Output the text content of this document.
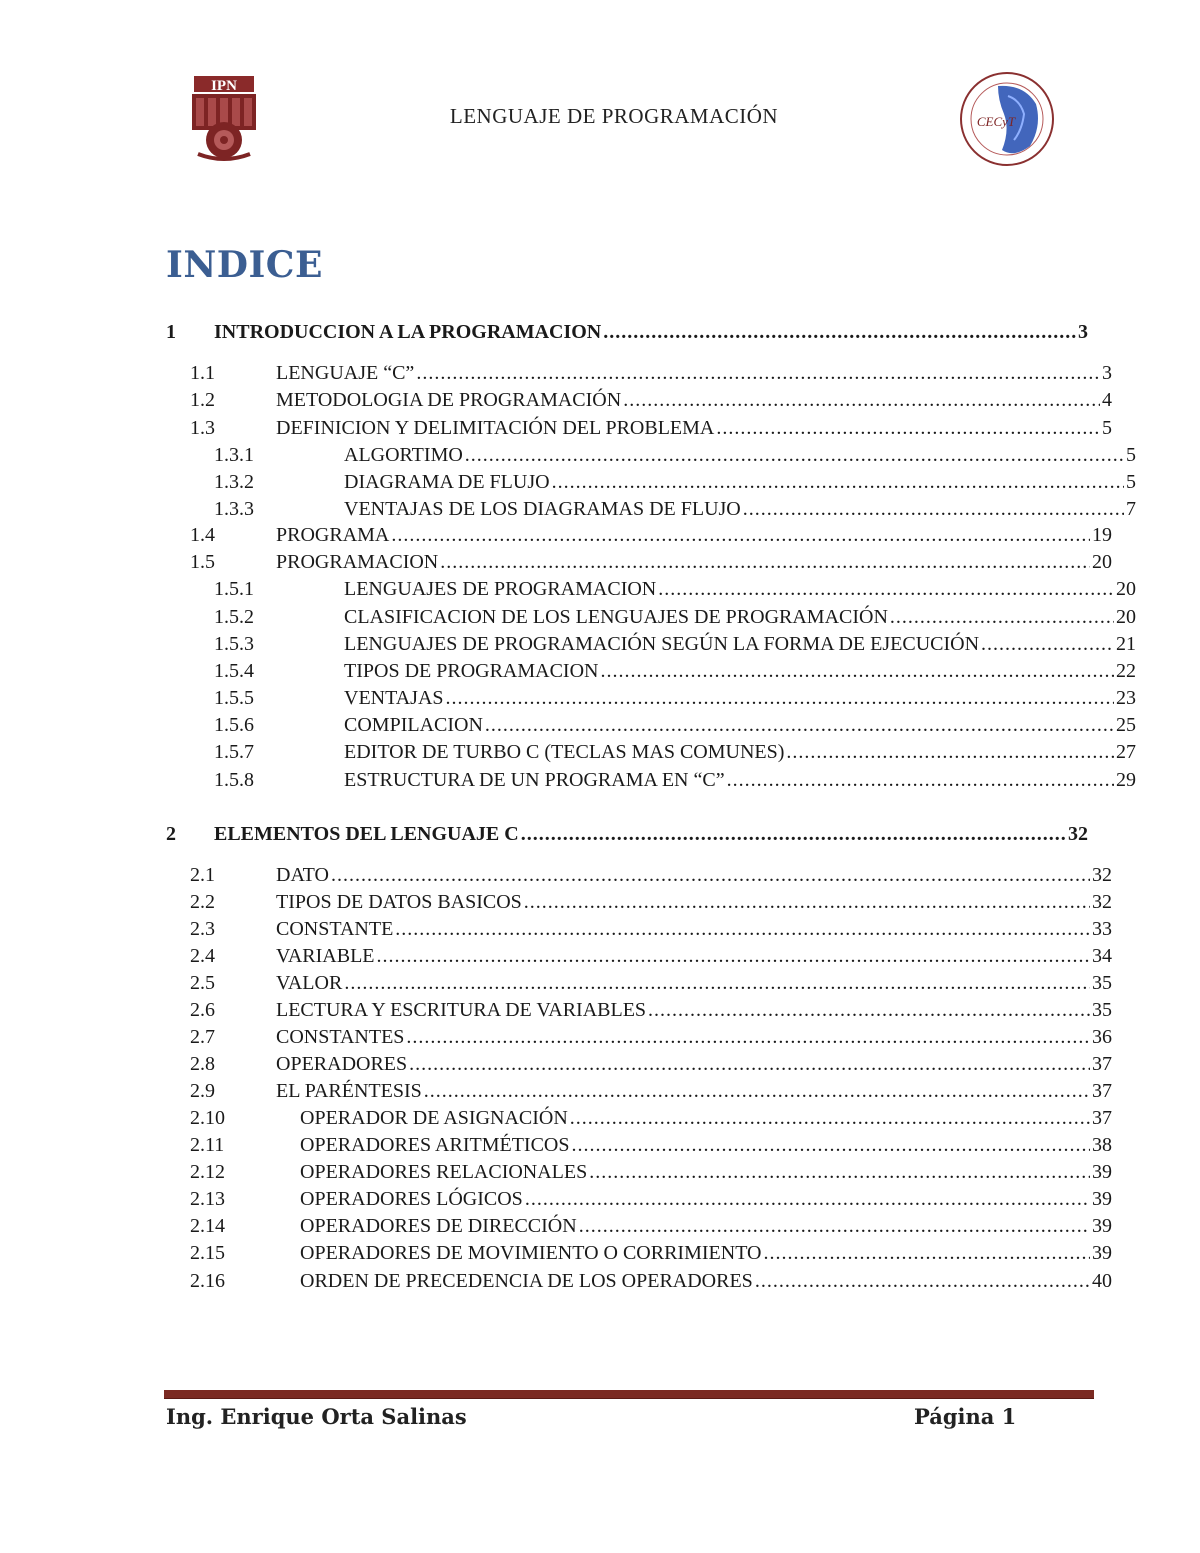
IPN
LENGUAJE DE PROGRAMACIÓN	CECyT
INDICE
1	INTRODUCCION A LA PROGRAMACION .....	3
1.1	LENGUAJE “C” .....	3
1.2	METODOLOGIA DE PROGRAMACIÓN .....	4
1.3	DEFINICION Y DELIMITACIÓN DEL PROBLEMA .....	5
1.3.1	ALGORTIMO .....	5
1.3.2	DIAGRAMA DE FLUJO .....	5
1.3.3	VENTAJAS DE LOS DIAGRAMAS DE FLUJO .....	7
1.4	PROGRAMA .....	19
1.5	PROGRAMACION .....	20
1.5.1	LENGUAJES DE PROGRAMACION .....	20
1.5.2	CLASIFICACION DE LOS LENGUAJES DE PROGRAMACIÓN .....	20
1.5.3	LENGUAJES DE PROGRAMACIÓN SEGÚN LA FORMA DE EJECUCIÓN .....	21
1.5.4	TIPOS DE PROGRAMACION .....	22
1.5.5	VENTAJAS .....	23
1.5.6	COMPILACION .....	25
1.5.7	EDITOR DE TURBO C (TECLAS MAS COMUNES) .....	27
1.5.8	ESTRUCTURA DE UN PROGRAMA EN “C” .....	29
2	ELEMENTOS DEL LENGUAJE C .....	32
2.1	DATO .....	32
2.2	TIPOS DE DATOS BASICOS .....	32
2.3	CONSTANTE .....	33
2.4	VARIABLE .....	34
2.5	VALOR .....	35
2.6	LECTURA Y ESCRITURA DE VARIABLES .....	35
2.7	CONSTANTES .....	36
2.8	OPERADORES .....	37
2.9	EL PARÉNTESIS .....	37
2.10	OPERADOR DE ASIGNACIÓN .....	37
2.11	OPERADORES ARITMÉTICOS .....	38
2.12	OPERADORES RELACIONALES .....	39
2.13	OPERADORES LÓGICOS .....	39
2.14	OPERADORES DE DIRECCIÓN .....	39
2.15	OPERADORES DE MOVIMIENTO O CORRIMIENTO .....	39
2.16	ORDEN DE PRECEDENCIA DE LOS OPERADORES .....	40
Ing. Enrique Orta Salinas	Página 1
